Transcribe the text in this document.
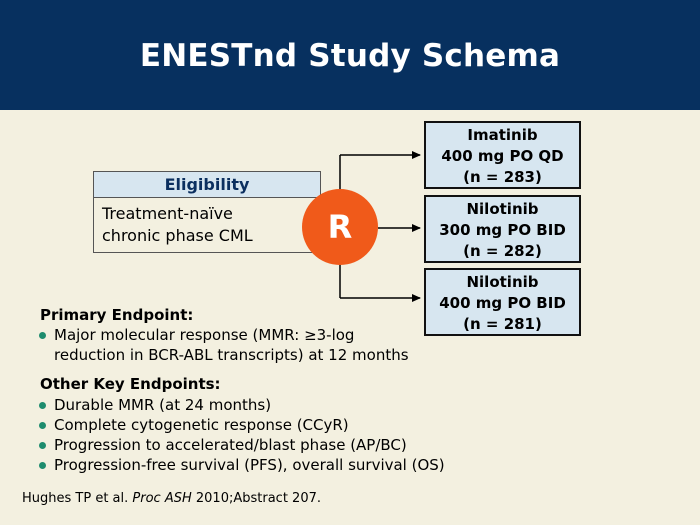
ENESTnd Study Schema
Eligibility
Treatment-naïve
chronic phase CML	R
Imatinib
400 mg PO QD
(n = 283)
Nilotinib
300 mg PO BID
(n = 282)
Nilotinib
400 mg PO BID
(n = 281)
Primary Endpoint:
Major molecular response (MMR: ≥3-log
reduction in BCR-ABL transcripts) at 12 months
Other Key Endpoints:
Durable MMR (at 24 months)
Complete cytogenetic response (CCyR)
Progression to accelerated/blast phase (AP/BC)
Progression-free survival (PFS), overall survival (OS)
Hughes TP et al. Proc ASH 2010;Abstract 207.
